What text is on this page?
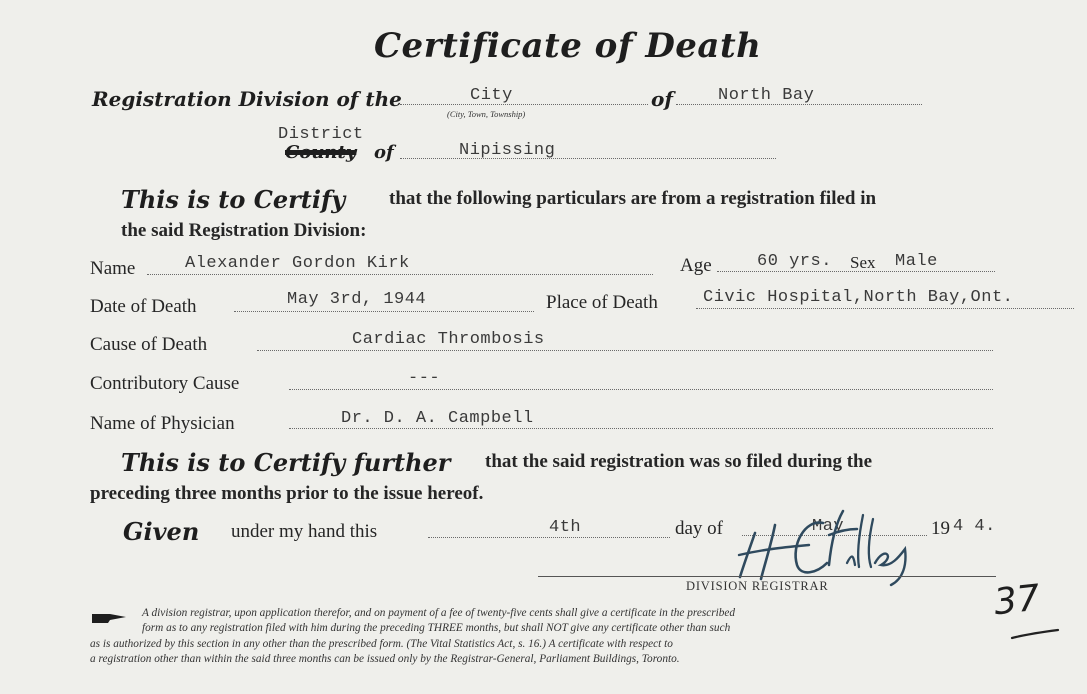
Certificate of Death
Registration Division of the	City
(City, Town, Township)
of	North Bay
District
County of	Nipissing
This is to Certify that the following particulars are from a registration filed in
the said Registration Division:
Name	Alexander Gordon Kirk	Age	60 yrs. Sex Male
Date of Death	May 3rd, 1944	Place of Death	Civic Hospital,North Bay,Ont.
Cause of Death	Cardiac Thrombosis
Contributory Cause	---
Name of Physician	Dr. D. A. Campbell
This is to Certify further that the said registration was so filed during the
preceding three months prior to the issue hereof.
Given under my hand this	4th	day of	May	19 4 4.
DIVISION REGISTRAR	37
A division registrar, upon application therefor, and on payment of a fee of twenty-five cents shall give a certificate in the prescribed
form as to any registration filed with him during the preceding THREE months, but shall NOT give any certificate other than such
as is authorized by this section in any other than the prescribed form. (The Vital Statistics Act, s. 16.) A certificate with respect to
a registration other than within the said three months can be issued only by the Registrar-General, Parliament Buildings, Toronto.
